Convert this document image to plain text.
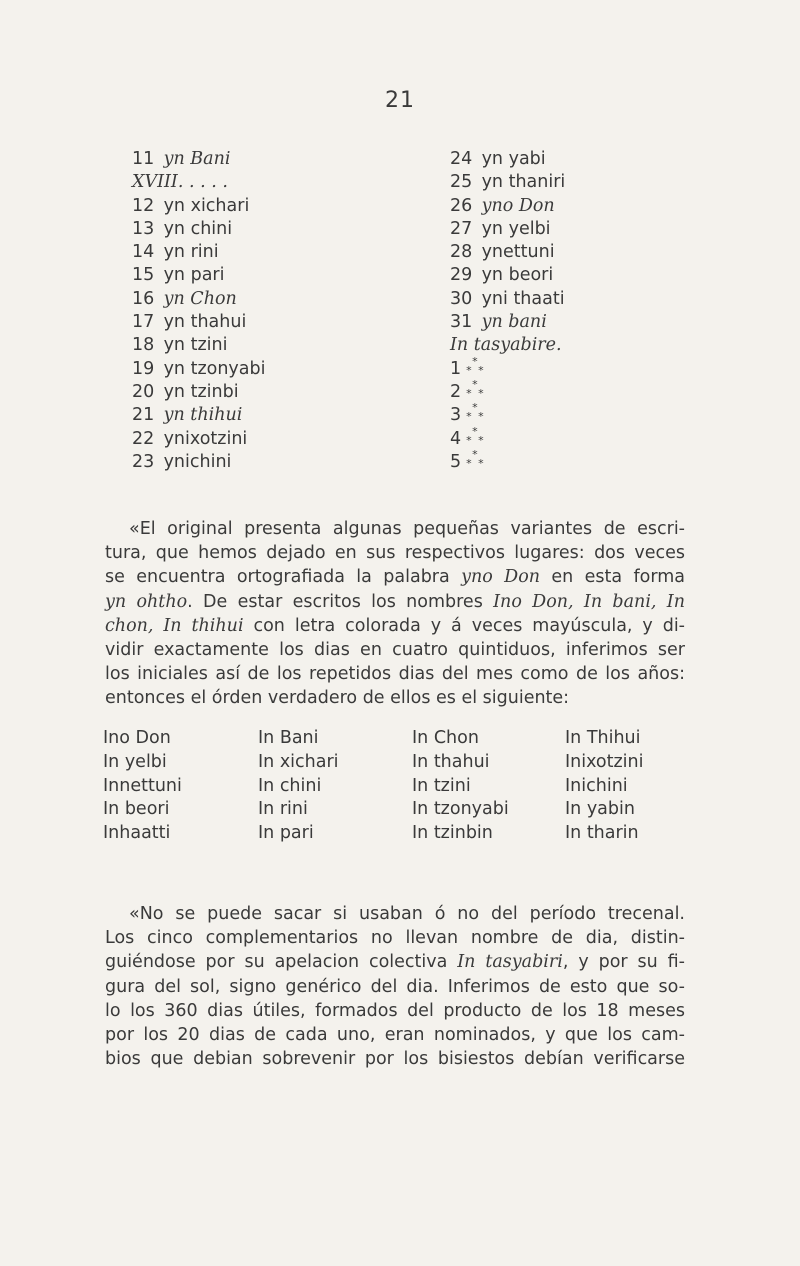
21
11 yn Bani
XVIII. . . . .
12 yn xichari
13 yn chini
14 yn rini
15 yn pari
16 yn Chon
17 yn thahui
18 yn tzini
19 yn tzonyabi
20 yn tzinbi
21 yn thihui
22 ynixotzini
23 ynichini
24 yn yabi
25 yn thaniri
26 yno Don
27 yn yelbi
28 ynettuni
29 yn beori
30 yni thaati
31 yn bani
In tasyabire.
1 *
* *
2 *
* *
3 *
* *
4 *
* *
5 *
* *
«El original presenta algunas pequeñas variantes de escri-
tura, que hemos dejado en sus respectivos lugares: dos veces
se encuentra ortografiada la palabra yno Don en esta forma
yn ohtho. De estar escritos los nombres Ino Don, In bani, In
chon, In thihui con letra colorada y á veces mayúscula, y di-
vidir exactamente los dias en cuatro quintiduos, inferimos ser
los iniciales así de los repetidos dias del mes como de los años:
entonces el órden verdadero de ellos es el siguiente:
Ino Don
In yelbi
Innettuni
In beori
Inhaatti
In Bani
In xichari
In chini
In rini
In pari
In Chon
In thahui
In tzini
In tzonyabi
In tzinbin
In Thihui
Inixotzini
Inichini
In yabin
In tharin
«No se puede sacar si usaban ó no del período trecenal.
Los cinco complementarios no llevan nombre de dia, distin-
guiéndose por su apelacion colectiva In tasyabiri, y por su fi-
gura del sol, signo genérico del dia. Inferimos de esto que so-
lo los 360 dias útiles, formados del producto de los 18 meses
por los 20 dias de cada uno, eran nominados, y que los cam-
bios que debian sobrevenir por los bisiestos debían verificarse
